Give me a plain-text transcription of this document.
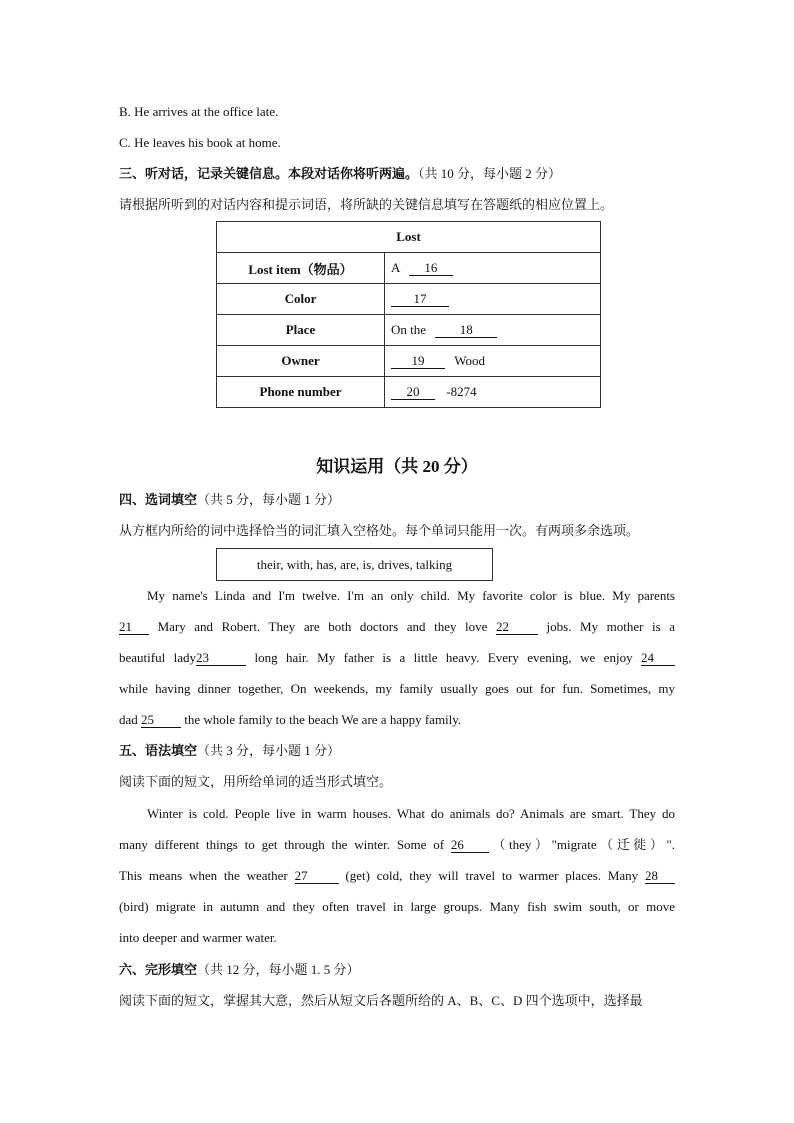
B. He arrives at the office late.
C. He leaves his book at home.
三、听对话，记录关键信息。本段对话你将听两遍。（共 10 分，每小题 2 分）
请根据所听到的对话内容和提示词语，将所缺的关键信息填写在答题纸的相应位置上。
Lost	
Lost item（物品）	A 16
Color	17
Place	On the 18
Owner	19 Wood
Phone number	20 -8274
知识运用（共 20 分）
四、选词填空（共 5 分，每小题 1 分）
从方框内所给的词中选择恰当的词汇填入空格处。每个单词只能用一次。有两项多余选项。
their, with, has, are, is, drives, talking
My name's Linda and I'm twelve. I'm an only child. My favorite color is blue. My parents
21 Mary and Robert. They are both doctors and they love 22	jobs. My mother is a
beautiful lady23	long hair. My father is a little heavy. Every evening, we enjoy 24
while having dinner together, On weekends, my family usually goes out for fun. Sometimes, my
dad 25 the whole family to the beach We are a happy family.
五、语法填空（共 3 分，每小题 1 分）
阅读下面的短文，用所给单词的适当形式填空。
Winter is cold. People live in warm houses. What do animals do? Animals are smart. They do
many different things to get through the winter. Some of 26 （they）"migrate（迁徙）".
This means when the weather 27	(get) cold, they will travel to warmer places. Many 28
(bird) migrate in autumn and they often travel in large groups. Many fish swim south, or move
into deeper and warmer water.
六、完形填空（共 12 分，每小题 1. 5 分）
阅读下面的短文，掌握其大意，然后从短文后各题所给的 A、B、C、D 四个选项中，选择最
